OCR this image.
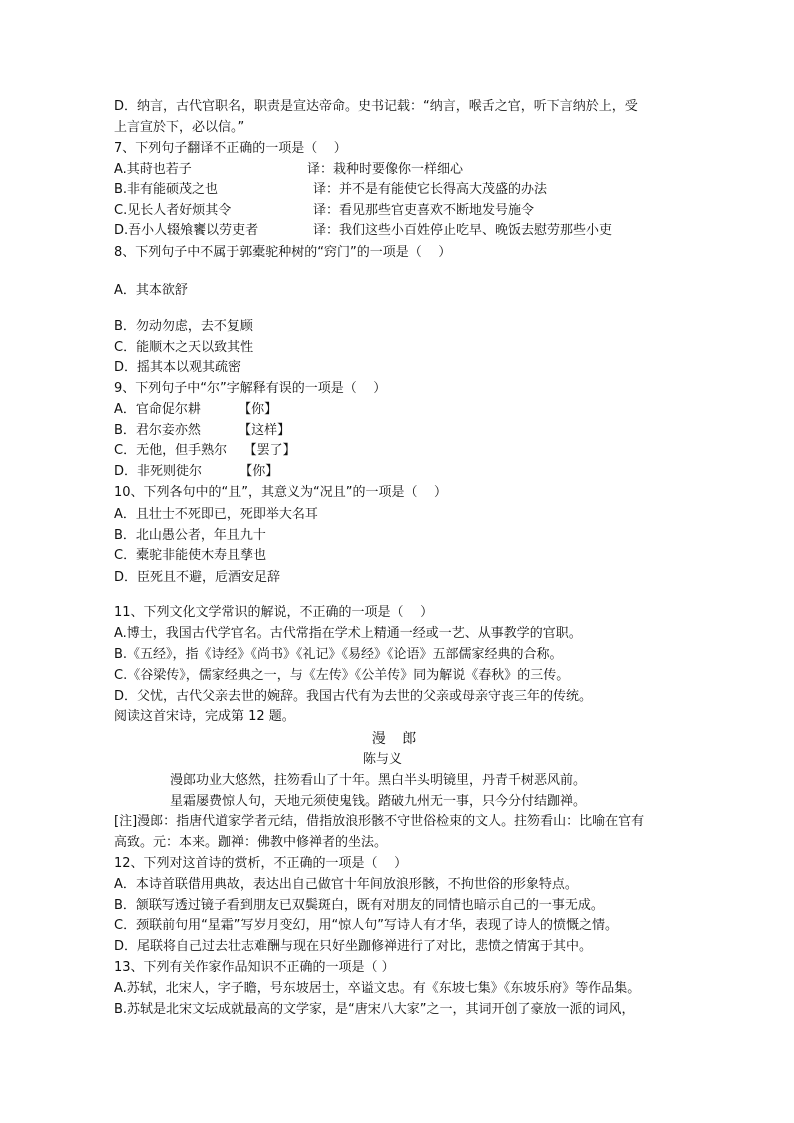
D．纳言，古代官职名，职责是宣达帝命。史书记载：“纳言，喉舌之官，听下言纳於上，受
上言宣於下，必以信。”
7、下列句子翻译不正确的一项是（    ）
A.其莳也若子	译：栽种时要像你一样细心
B.非有能硕茂之也	译：并不是有能使它长得高大茂盛的办法
C.见长人者好烦其令	译：看见那些官吏喜欢不断地发号施令
D.吾小人辍飧饔以劳吏者	译：我们这些小百姓停止吃早、晚饭去慰劳那些小吏
8、下列句子中不属于郭橐驼种树的“窍门”的一项是（    ）
A．其本欲舒
B．勿动勿虑，去不复顾
C．能顺木之天以致其性
D．摇其本以观其疏密
9、下列句子中“尔”字解释有误的一项是（    ）
A．官命促尔耕         【你】
B．君尔妾亦然         【这样】
C．无他，但手熟尔    【罢了】
D．非死则徙尔         【你】
10、下列各句中的“且”，其意义为“况且”的一项是（    ）
A．且壮士不死即已，死即举大名耳
B．北山愚公者，年且九十
C．橐驼非能使木寿且孳也
D．臣死且不避，卮酒安足辞
11、下列文化文学常识的解说，不正确的一项是（    ）
A.博士，我国古代学官名。古代常指在学术上精通一经或一艺、从事教学的官职。
B.《五经》，指《诗经》《尚书》《礼记》《易经》《论语》五部儒家经典的合称。
C.《谷梁传》，儒家经典之一，与《左传》《公羊传》同为解说《春秋》的三传。
D．父忧，古代父亲去世的婉辞。我国古代有为去世的父亲或母亲守丧三年的传统。
阅读这首宋诗，完成第 12 题。
漫 郎
陈与义
漫郎功业大悠然，拄笏看山了十年。黑白半头明镜里，丹青千树恶风前。
星霜屡费惊人句，天地元须使鬼钱。踏破九州无一事，只今分付结跏禅。
[注]漫郎：指唐代道家学者元结，借指放浪形骸不守世俗检束的文人。拄笏看山：比喻在官有
高致。元：本来。跏禅：佛教中修禅者的坐法。
12、下列对这首诗的赏析，不正确的一项是（    ）
A．本诗首联借用典故，表达出自己做官十年间放浪形骸，不拘世俗的形象特点。
B．颔联写透过镜子看到朋友已双鬓斑白，既有对朋友的同情也暗示自己的一事无成。
C．颈联前句用“星霜”写岁月变幻，用“惊人句”写诗人有才华，表现了诗人的愤慨之情。
D．尾联将自己过去壮志难酬与现在只好坐跏修禅进行了对比，悲愤之情寓于其中。
13、下列有关作家作品知识不正确的一项是（ ）
A.苏轼，北宋人，字子瞻，号东坡居士，卒谥文忠。有《东坡七集》《东坡乐府》等作品集。
B.苏轼是北宋文坛成就最高的文学家，是“唐宋八大家”之一，其词开创了豪放一派的词风，
